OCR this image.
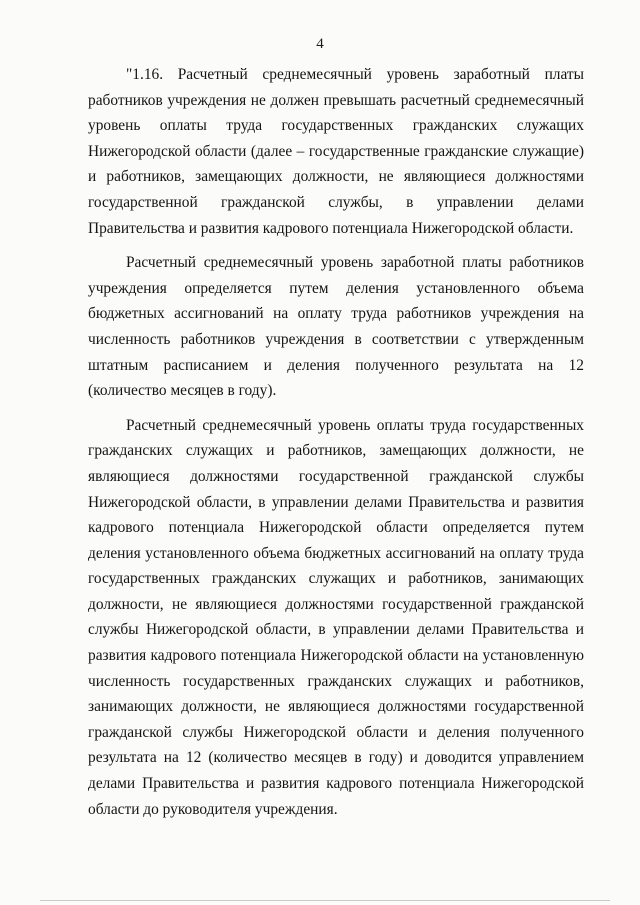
4

"1.16. Расчетный среднемесячный уровень заработный платы работников учреждения не должен превышать расчетный среднемесячный уровень оплаты труда государственных гражданских служащих Нижегородской области (далее – государственные гражданские служащие) и работников, замещающих должности, не являющиеся должностями государственной гражданской службы, в управлении делами Правительства и развития кадрового потенциала Нижегородской области.

Расчетный среднемесячный уровень заработной платы работников учреждения определяется путем деления установленного объема бюджетных ассигнований на оплату труда работников учреждения на численность работников учреждения в соответствии с утвержденным штатным расписанием и деления полученного результата на 12 (количество месяцев в году).

Расчетный среднемесячный уровень оплаты труда государственных гражданских служащих и работников, замещающих должности, не являющиеся должностями государственной гражданской службы Нижегородской области, в управлении делами Правительства и развития кадрового потенциала Нижегородской области определяется путем деления установленного объема бюджетных ассигнований на оплату труда государственных гражданских служащих и работников, занимающих должности, не являющиеся должностями государственной гражданской службы Нижегородской области, в управлении делами Правительства и развития кадрового потенциала Нижегородской области на установленную численность государственных гражданских служащих и работников, занимающих должности, не являющиеся должностями государственной гражданской службы Нижегородской области и деления полученного результата на 12 (количество месяцев в году) и доводится управлением делами Правительства и развития кадрового потенциала Нижегородской области до руководителя учреждения.
